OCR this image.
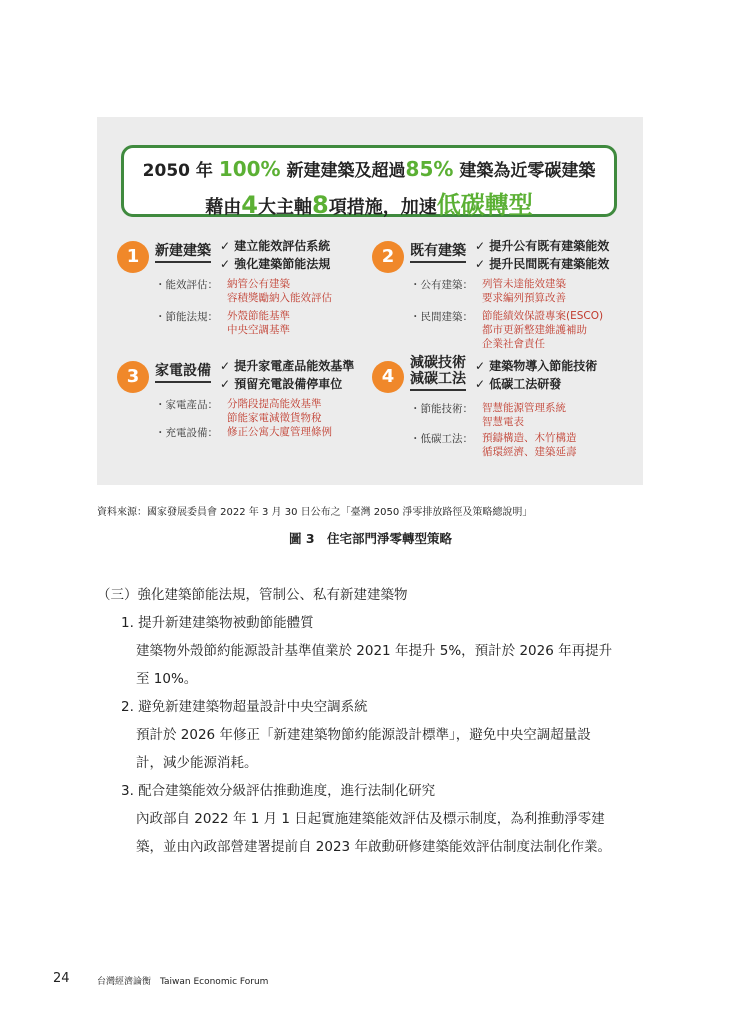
2050 年 100% 新建建築及超過85% 建築為近零碳建築
藉由4大主軸8項措施，加速低碳轉型
1	新建建築 ✓ 建立能效評估系統
✓ 強化建築節能法規
・能效評估： 納管公有建築
容積獎勵納入能效評估
・節能法規： 外殼節能基準
中央空調基準
2	既有建築 ✓ 提升公有既有建築能效
✓ 提升民間既有建築能效
・公有建築： 列管未達能效建築
要求編列預算改善
・民間建築： 節能績效保證專案(ESCO)
都市更新整建維護補助
企業社會責任
3	家電設備 ✓ 提升家電產品能效基準
✓ 預留充電設備停車位
・家電產品： 分階段提高能效基準
節能家電減徵貨物稅
・充電設備： 修正公寓大廈管理條例
4
減碳技術
減碳工法
✓ 建築物導入節能技術
✓ 低碳工法研發
・節能技術： 智慧能源管理系統
智慧電表
・低碳工法： 預鑄構造、木竹構造
循環經濟、建築延壽
資料來源：國家發展委員會 2022 年 3 月 30 日公布之「臺灣 2050 淨零排放路徑及策略總說明」
圖 3　住宅部門淨零轉型策略
（三）強化建築節能法規，管制公、私有新建建築物
1. 提升新建建築物被動節能體質
建築物外殼節約能源設計基準值業於 2021 年提升 5%，預計於 2026 年再提升
至 10%。
2. 避免新建建築物超量設計中央空調系統
預計於 2026 年修正「新建建築物節約能源設計標準」，避免中央空調超量設
計，減少能源消耗。
3. 配合建築能效分級評估推動進度，進行法制化研究
內政部自 2022 年 1 月 1 日起實施建築能效評估及標示制度，為利推動淨零建
築，並由內政部營建署提前自 2023 年啟動研修建築能效評估制度法制化作業。
24	台灣經濟論衡　Taiwan Economic Forum
